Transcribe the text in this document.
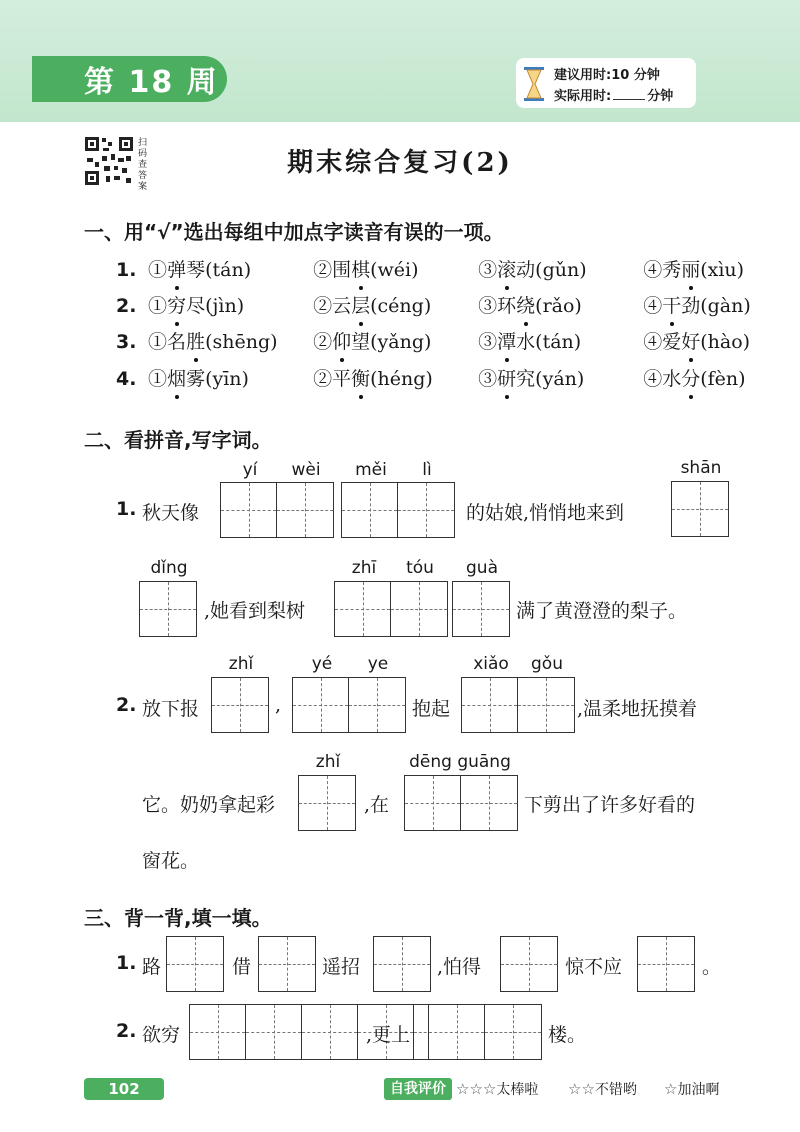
第 18 周	建议用时:10 分钟
实际用时:	分钟
扫码查答案
期末综合复习(2)
一、用“√”选出每组中加点字读音有误的一项。
1. ①弹琴(tán)	②围棋(wéi)	③滚动(gǔn)	④秀丽(xìu)
2. ①穷尽(jìn)	②云层(céng) ③环绕(rǎo)	④干劲(gàn)
3. ①名胜(shēng) ②仰望(yǎng) ③潭水(tán)	④爱好(hào)
4. ①烟雾(yīn)	②平衡(héng) ③研究(yán)	④水分(fèn)
二、看拼音,写字词。
1. 秋天像
yí	wèi	měi	lì
的姑娘,悄悄地来到
shān
dǐng
,她看到梨树
zhī	tóu	guà
满了黄澄澄的梨子。
2. 放下报
zhǐ
,
yé	ye
抱起
xiǎo	gǒu
,温柔地抚摸着
它。奶奶拿起彩
zhǐ
,在
dēng guāng
下剪出了许多好看的
窗花。
三、背一背,填一填。
1. 路	借	遥招	,怕得	惊不应	。
2. 欲穷	,更上	楼。
102	自我评价 ☆☆☆太棒啦 ☆☆不错哟 ☆加油啊
